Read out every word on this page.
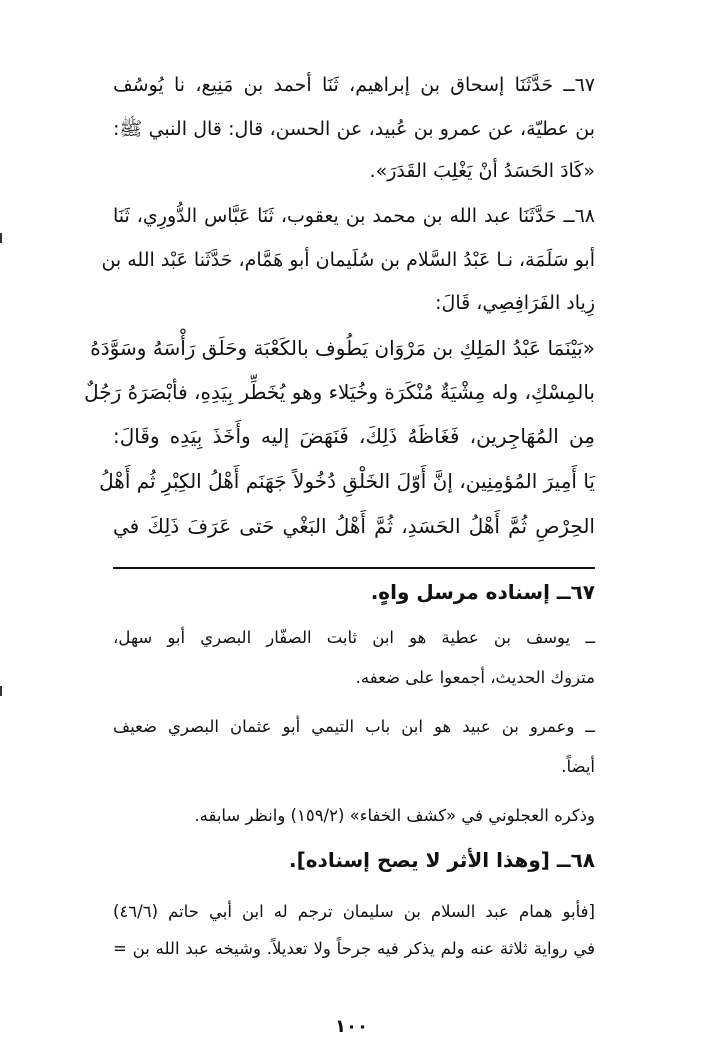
٦٧ــ حَدَّثَنَا إسحاق بن إبراهيم، ثَنَا أحمد بن مَنِيع، نا يُوسُف
بن عطيّة، عن عمرو بن عُبيد، عن الحسن، قال: قال النبي ﷺ:
«كَادَ الحَسَدُ أنْ يَغْلِبَ القَدَرَ».
٦٨ــ حَدَّثَنَا عبد الله بن محمد بن يعقوب، ثَنَا عَبَّاس الدُّورِي، ثَنَا
أبو سَلَمَة، نـا عَبْدُ السَّلام بن سُلَيمان أبو هَمَّام، حَدَّثَنا عَبْد الله بن
زِياد الفَرَافِصِي، قَالَ:
«بَيْنَمَا عَبْدُ المَلِكِ بن مَرْوَان يَطُوف بالكَعْبَة وحَلَق رَأْسَهُ وسَوَّدَهُ
بالمِسْكِ، وله مِشْيَةٌ مُنْكَرَة وخُيَلاء وهو يُخَطِّر بِيَدِهِ، فأبْصَرَهُ رَجُلٌ
مِن المُهَاجِرين، فَغَاظَهُ ذَلِكَ، فَنَهَضَ إليه وأَخَذَ بِيَدِه وقَالَ:
يَا أَمِيرَ المُؤمِنِين، إنَّ أَوّلَ الخَلْقِ دُخُولاً جَهَنَم أَهْلُ الكِبْرِ ثُم أَهْلُ
الحِرْصِ ثُمَّ أَهْلُ الحَسَدِ، ثُمَّ أَهْلُ البَغْي حَتى عَرَفَ ذَلِكَ في
٦٧ــ إسناده مرسل واهٍ.
ــ يوسف بن عطية هو ابن ثابت الصفّار البصري أبو سهل،
متروك الحديث، أجمعوا على ضعفه.
ــ وعمرو بن عبيد هو ابن باب التيمي أبو عثمان البصري ضعيف
أيضاً.
وذكره العجلوني في «كشف الخفاء» (١٥٩/٢) وانظر سابقه.
٦٨ــ [وهذا الأثر لا يصح إسناده].
[فأبو همام عبد السلام بن سليمان ترجم له ابن أبي حاتم (٤٦/٦)
في رواية ثلاثة عنه ولم يذكر فيه جرحاً ولا تعديلاً. وشيخه عبد الله بن =
١٠٠
